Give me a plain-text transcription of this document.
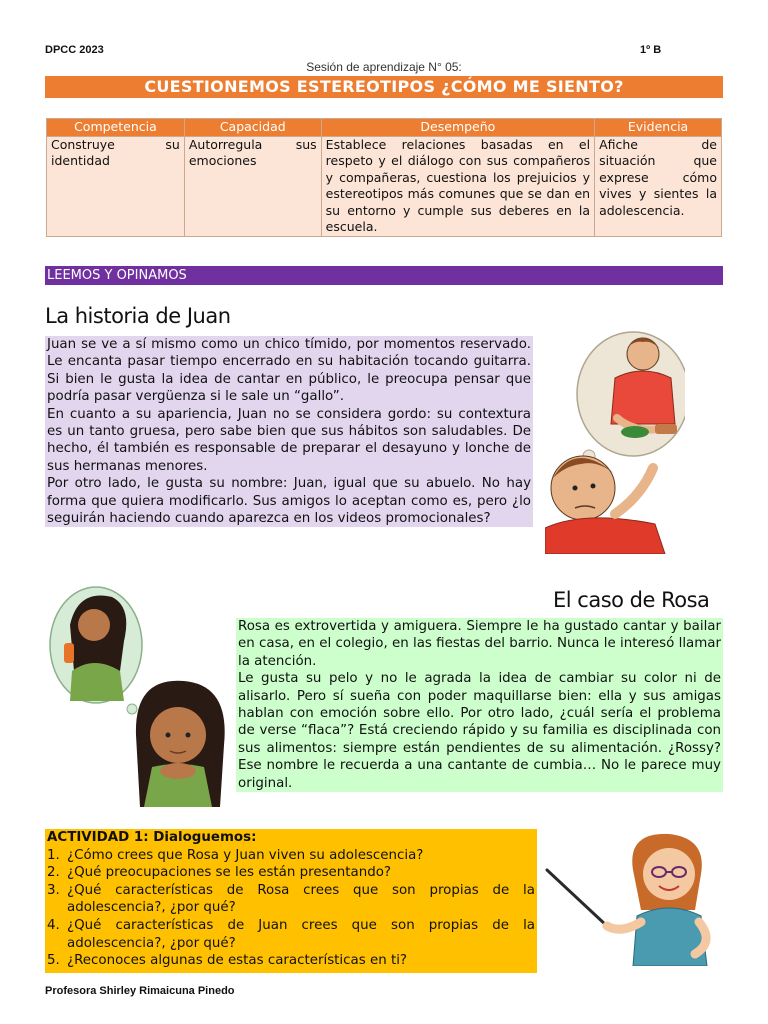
DPCC 2023	1º B
Sesión de aprendizaje N° 05:
CUESTIONEMOS ESTEREOTIPOS ¿CÓMO ME SIENTO?
Competencia	Capacidad	Desempeño	Evidencia
Construye su identidad	Autorregula sus emociones	Establece relaciones basadas en el respeto y el diálogo con sus compañeros y compañeras, cuestiona los prejuicios y estereotipos más comunes que se dan en su entorno y cumple sus deberes en la escuela.	Afiche de situación que exprese cómo vives y sientes la adolescencia.
LEEMOS Y OPINAMOS
La historia de Juan

Juan se ve a sí mismo como un chico tímido, por momentos reservado. Le encanta pasar tiempo encerrado en su habitación tocando guitarra. Si bien le gusta la idea de cantar en público, le preocupa pensar que podría pasar vergüenza si le sale un “gallo”.

En cuanto a su apariencia, Juan no se considera gordo: su contextura es un tanto gruesa, pero sabe bien que sus hábitos son saludables. De hecho, él también es responsable de preparar el desayuno y lonche de sus hermanas menores.

Por otro lado, le gusta su nombre: Juan, igual que su abuelo. No hay forma que quiera modificarlo. Sus amigos lo aceptan como es, pero ¿lo seguirán haciendo cuando aparezca en los videos promocionales?

El caso de Rosa

Rosa es extrovertida y amiguera. Siempre le ha gustado cantar y bailar en casa, en el colegio, en las fiestas del barrio. Nunca le interesó llamar la atención.

Le gusta su pelo y no le agrada la idea de cambiar su color ni de alisarlo. Pero sí sueña con poder maquillarse bien: ella y sus amigas hablan con emoción sobre ello. Por otro lado, ¿cuál sería el problema de verse “flaca”? Está creciendo rápido y su familia es disciplinada con sus alimentos: siempre están pendientes de su alimentación. ¿Rossy? Ese nombre le recuerda a una cantante de cumbia… No le parece muy original.

ACTIVIDAD 1: Dialoguemos:
1. ¿Cómo crees que Rosa y Juan viven su adolescencia?
2. ¿Qué preocupaciones se les están presentando?
3. ¿Qué características de Rosa crees que son propias de la adolescencia?, ¿por qué?
4. ¿Qué características de Juan crees que son propias de la adolescencia?, ¿por qué?
5. ¿Reconoces algunas de estas características en ti?
Profesora Shirley Rimaicuna Pinedo
